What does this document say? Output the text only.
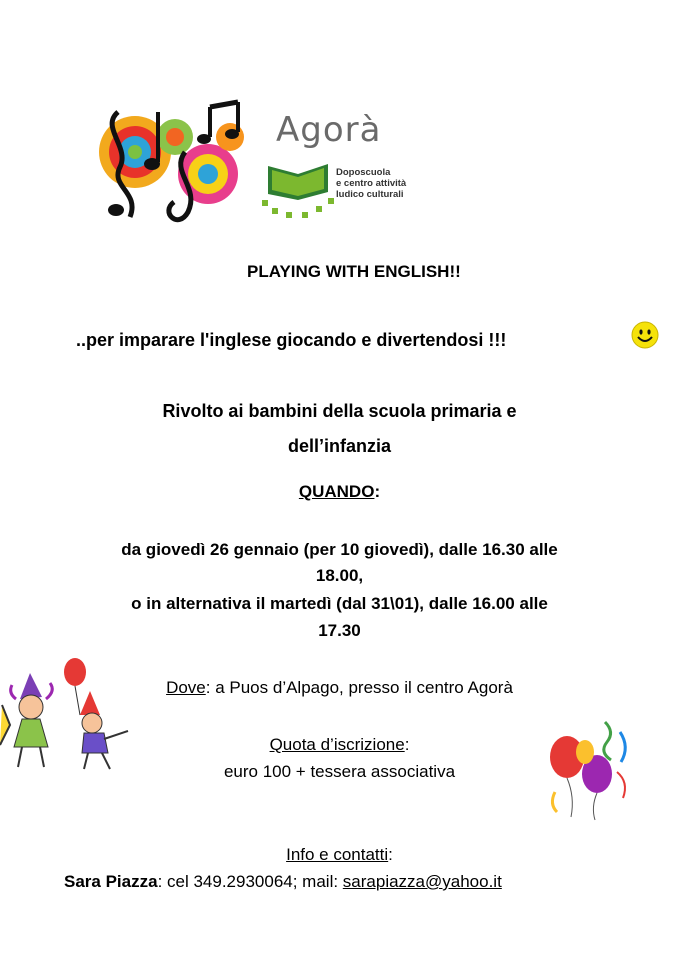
Agorà
Doposcuola
e centro attività
ludico culturali
PLAYING WITH ENGLISH!!
..per imparare l'inglese giocando e divertendosi !!!
Rivolto ai bambini della scuola primaria e
dell’infanzia
QUANDO:
da giovedì 26 gennaio (per 10 giovedì), dalle 16.30 alle
18.00,
o in alternativa il martedì (dal 31\01), dalle 16.00 alle
17.30
Dove: a Puos d’Alpago, presso il centro Agorà
Quota d’iscrizione:
euro 100 + tessera associativa
Info e contatti:
Sara Piazza: cel 349.2930064; mail: sarapiazza@yahoo.it
